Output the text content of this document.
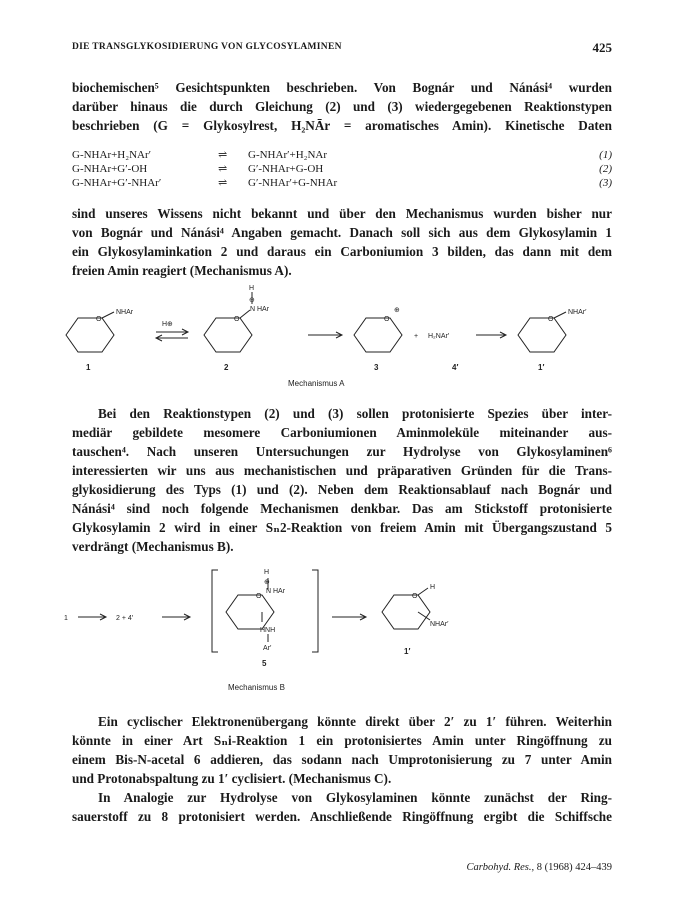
DIE TRANSGLYKOSIDIERUNG VON GLYCOSYLAMINEN	425
biochemischen⁵ Gesichtspunkten beschrieben. Von Bognár und Nánási⁴ wurden
darüber hinaus die durch Gleichung (2) und (3) wiedergegebenen Reaktionstypen
beschrieben (G = Glykosylrest, H₂NĀr = aromatisches Amin). Kinetische Daten
G-NHAr+H₂NAr′	⇌ G-NHAr′+H₂NAr	(1)
G-NHAr+G′-OH	⇌ G′-NHAr+G-OH	(2)
G-NHAr+G′-NHAr′	⇌ G′-NHAr′+G-NHAr	(3)
sind unseres Wissens nicht bekannt und über den Mechanismus wurden bisher nur
von Bognár und Nánási⁴ Angaben gemacht. Danach soll sich aus dem Glykosylamin 1
ein Glykosylaminkation 2 und daraus ein Carboniumion 3 bilden, das dann mit dem
freien Amin reagiert (Mechanismus A).
O
NHAr
H⊕
O
H
⊕
N HAr
O
⊕
+ H₂NAr′
O
NHAr′
1	2	3	4′	1′
Mechanismus A
Bei den Reaktionstypen (2) und (3) sollen protonisierte Spezies über inter-
mediär gebildete mesomere Carboniumionen Aminmoleküle miteinander aus-
tauschen⁴. Nach unseren Untersuchungen zur Hydrolyse von Glykosylaminen⁶
interessierten wir uns aus mechanistischen und präparativen Gründen für die Trans-
glykosidierung des Typs (1) und (2). Neben dem Reaktionsablauf nach Bognár und
Nánási⁴ sind noch folgende Mechanismen denkbar. Das am Stickstoff protonisierte
Glykosylamin 2 wird in einer Sₙ2-Reaktion von freiem Amin mit Übergangszustand 5
verdrängt (Mechanismus B).
1	2 + 4′
O
H
⊕
N HAr
HNH
Ar′
O
H
NHAr′
5
1′
Mechanismus B
Ein cyclischer Elektronenübergang könnte direkt über 2′ zu 1′ führen. Weiterhin
könnte in einer Art Sₙi-Reaktion 1 ein protonisiertes Amin unter Ringöffnung zu
einem Bis-N-acetal 6 addieren, das sodann nach Umprotonisierung zu 7 unter Amin
und Protonabspaltung zu 1′ cyclisiert. (Mechanismus C).
In Analogie zur Hydrolyse von Glykosylaminen könnte zunächst der Ring-
sauerstoff zu 8 protonisiert werden. Anschließende Ringöffnung ergibt die Schiffsche
Carbohyd. Res., 8 (1968) 424–439
